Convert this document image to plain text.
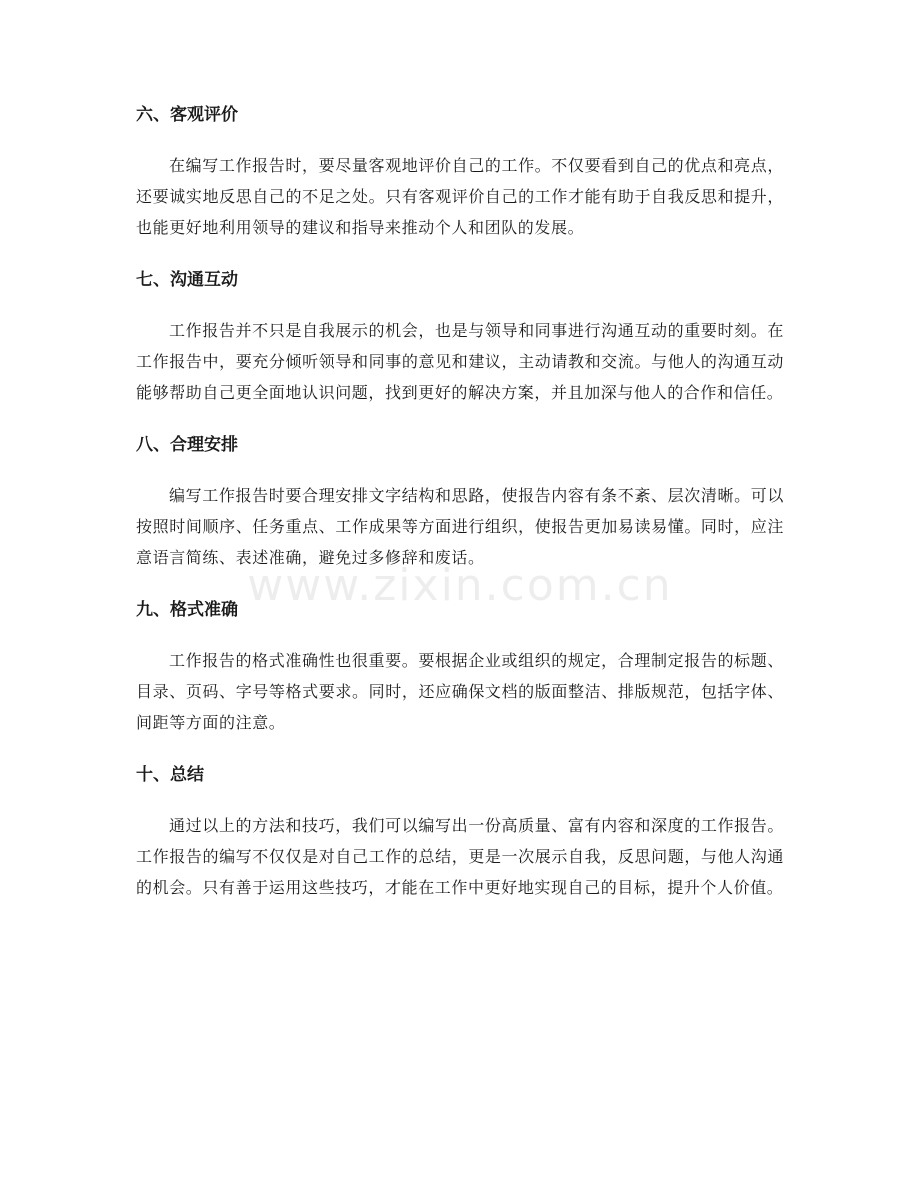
www.zixin.com.cn
六、客观评价

在编写工作报告时，要尽量客观地评价自己的工作。不仅要看到自己的优点和亮点，还要诚实地反思自己的不足之处。只有客观评价自己的工作才能有助于自我反思和提升，也能更好地利用领导的建议和指导来推动个人和团队的发展。

七、沟通互动

工作报告并不只是自我展示的机会，也是与领导和同事进行沟通互动的重要时刻。在工作报告中，要充分倾听领导和同事的意见和建议，主动请教和交流。与他人的沟通互动能够帮助自己更全面地认识问题，找到更好的解决方案，并且加深与他人的合作和信任。

八、合理安排

编写工作报告时要合理安排文字结构和思路，使报告内容有条不紊、层次清晰。可以按照时间顺序、任务重点、工作成果等方面进行组织，使报告更加易读易懂。同时，应注意语言简练、表述准确，避免过多修辞和废话。

九、格式准确

工作报告的格式准确性也很重要。要根据企业或组织的规定，合理制定报告的标题、目录、页码、字号等格式要求。同时，还应确保文档的版面整洁、排版规范，包括字体、间距等方面的注意。

十、总结

通过以上的方法和技巧，我们可以编写出一份高质量、富有内容和深度的工作报告。工作报告的编写不仅仅是对自己工作的总结，更是一次展示自我，反思问题，与他人沟通的机会。只有善于运用这些技巧，才能在工作中更好地实现自己的目标，提升个人价值。
